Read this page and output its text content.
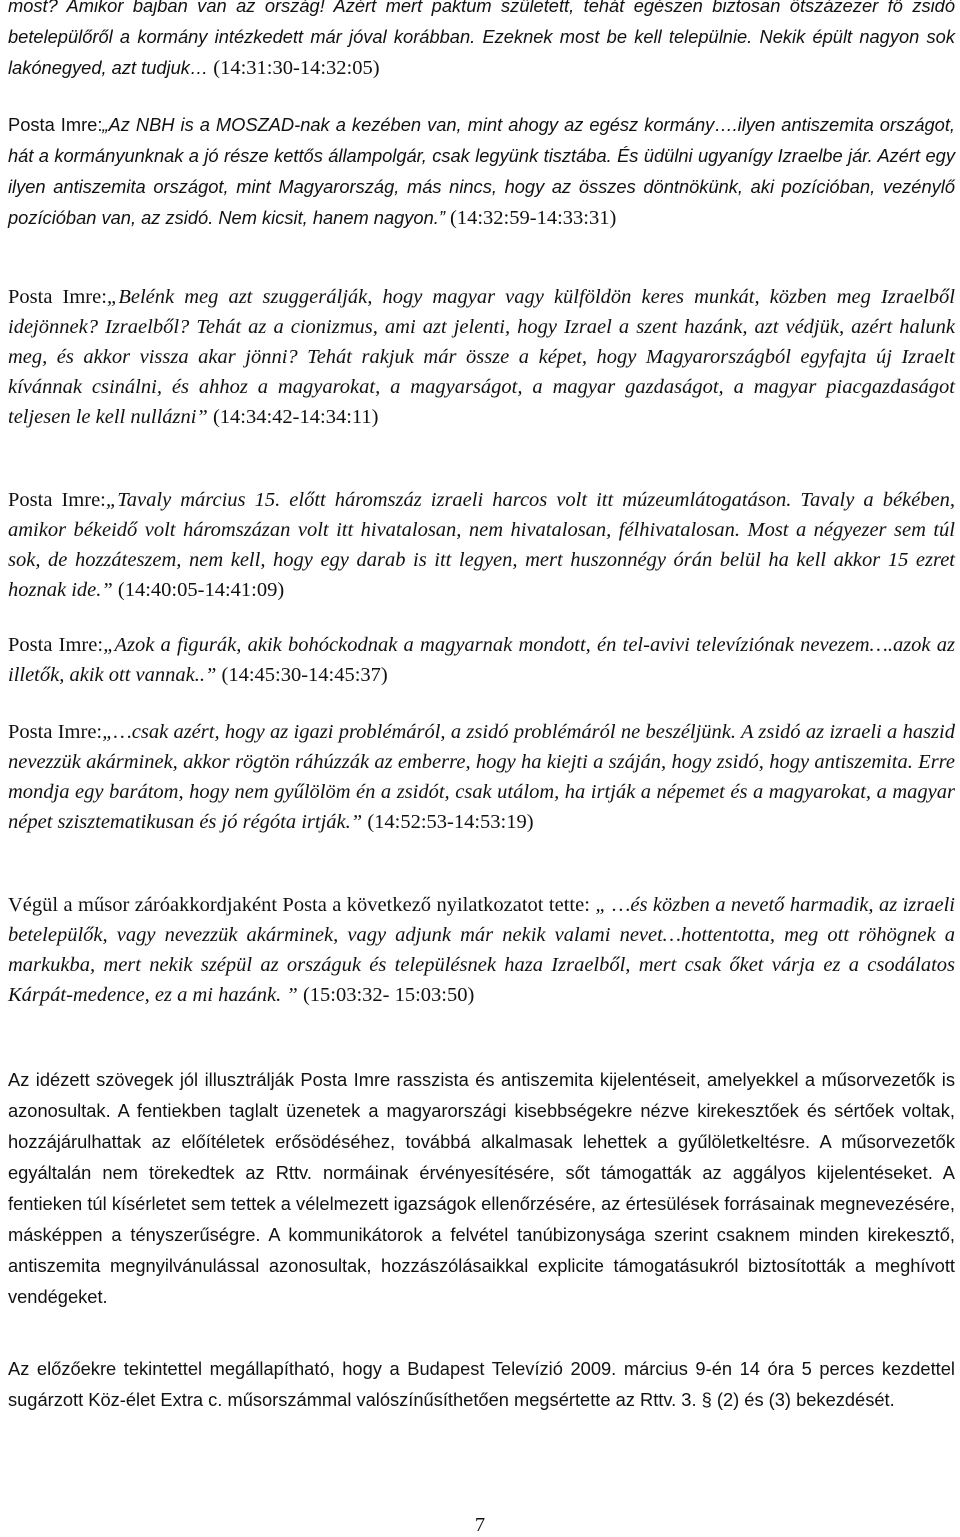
most? Amikor bajban van az ország! Azért mert paktum született, tehát egészen biztosan ötszázezer fő zsidó betelepülőről a kormány intézkedett már jóval korábban. Ezeknek most be kell települnie. Nekik épült nagyon sok lakónegyed, azt tudjuk… (14:31:30-14:32:05)

Posta Imre:„Az NBH is a MOSZAD-nak a kezében van, mint ahogy az egész kormány….ilyen antiszemita országot, hát a kormányunknak a jó része kettős állampolgár, csak legyünk tisztába. És üdülni ugyanígy Izraelbe jár. Azért egy ilyen antiszemita országot, mint Magyarország, más nincs, hogy az összes döntnökünk, aki pozícióban, vezénylő pozícióban van, az zsidó. Nem kicsit, hanem nagyon.” (14:32:59-14:33:31)

Posta Imre:„Belénk meg azt szuggerálják, hogy magyar vagy külföldön keres munkát, közben meg Izraelből idejönnek? Izraelből? Tehát az a cionizmus, ami azt jelenti, hogy Izrael a szent hazánk, azt védjük, azért halunk meg, és akkor vissza akar jönni? Tehát rakjuk már össze a képet, hogy Magyarországból egyfajta új Izraelt kívánnak csinálni, és ahhoz a magyarokat, a magyarságot, a magyar gazdaságot, a magyar piacgazdaságot teljesen le kell nullázni” (14:34:42-14:34:11)

Posta Imre:„Tavaly március 15. előtt háromszáz izraeli harcos volt itt múzeumlátogatáson. Tavaly a békében, amikor békeidő volt háromszázan volt itt hivatalosan, nem hivatalosan, félhivatalosan. Most a négyezer sem túl sok, de hozzáteszem, nem kell, hogy egy darab is itt legyen, mert huszonnégy órán belül ha kell akkor 15 ezret hoznak ide.” (14:40:05-14:41:09)

Posta Imre:„Azok a figurák, akik bohóckodnak a magyarnak mondott, én tel-avivi televíziónak nevezem….azok az illetők, akik ott vannak..” (14:45:30-14:45:37)

Posta Imre:„…csak azért, hogy az igazi problémáról, a zsidó problémáról ne beszéljünk. A zsidó az izraeli a haszid nevezzük akárminek, akkor rögtön ráhúzzák az emberre, hogy ha kiejti a száján, hogy zsidó, hogy antiszemita. Erre mondja egy barátom, hogy nem gyűlölöm én a zsidót, csak utálom, ha irtják a népemet és a magyarokat, a magyar népet szisztematikusan és jó régóta irtják.” (14:52:53-14:53:19)

Végül a műsor záróakkordjaként Posta a következő nyilatkozatot tette: „ …és közben a nevető harmadik, az izraeli betelepülők, vagy nevezzük akárminek, vagy adjunk már nekik valami nevet…hottentotta, meg ott röhögnek a markukba, mert nekik szépül az országuk és településnek haza Izraelből, mert csak őket várja ez a csodálatos Kárpát-medence, ez a mi hazánk. ” (15:03:32- 15:03:50)

Az idézett szövegek jól illusztrálják Posta Imre rasszista és antiszemita kijelentéseit, amelyekkel a műsorvezetők is azonosultak. A fentiekben taglalt üzenetek a magyarországi kisebbségekre nézve kirekesztőek és sértőek voltak, hozzájárulhattak az előítéletek erősödéséhez, továbbá alkalmasak lehettek a gyűlöletkeltésre. A műsorvezetők egyáltalán nem törekedtek az Rttv. normáinak érvényesítésére, sőt támogatták az aggályos kijelentéseket. A fentieken túl kísérletet sem tettek a vélelmezett igazságok ellenőrzésére, az értesülések forrásainak megnevezésére, másképpen a tényszerűségre. A kommunikátorok a felvétel tanúbizonysága szerint csaknem minden kirekesztő, antiszemita megnyilvánulással azonosultak, hozzászólásaikkal explicite támogatásukról biztosították a meghívott vendégeket.

Az előzőekre tekintettel megállapítható, hogy a Budapest Televízió 2009. március 9-én 14 óra 5 perces kezdettel sugárzott Köz-élet Extra c. műsorszámmal valószínűsíthetően megsértette az Rttv. 3. § (2) és (3) bekezdését.

7
